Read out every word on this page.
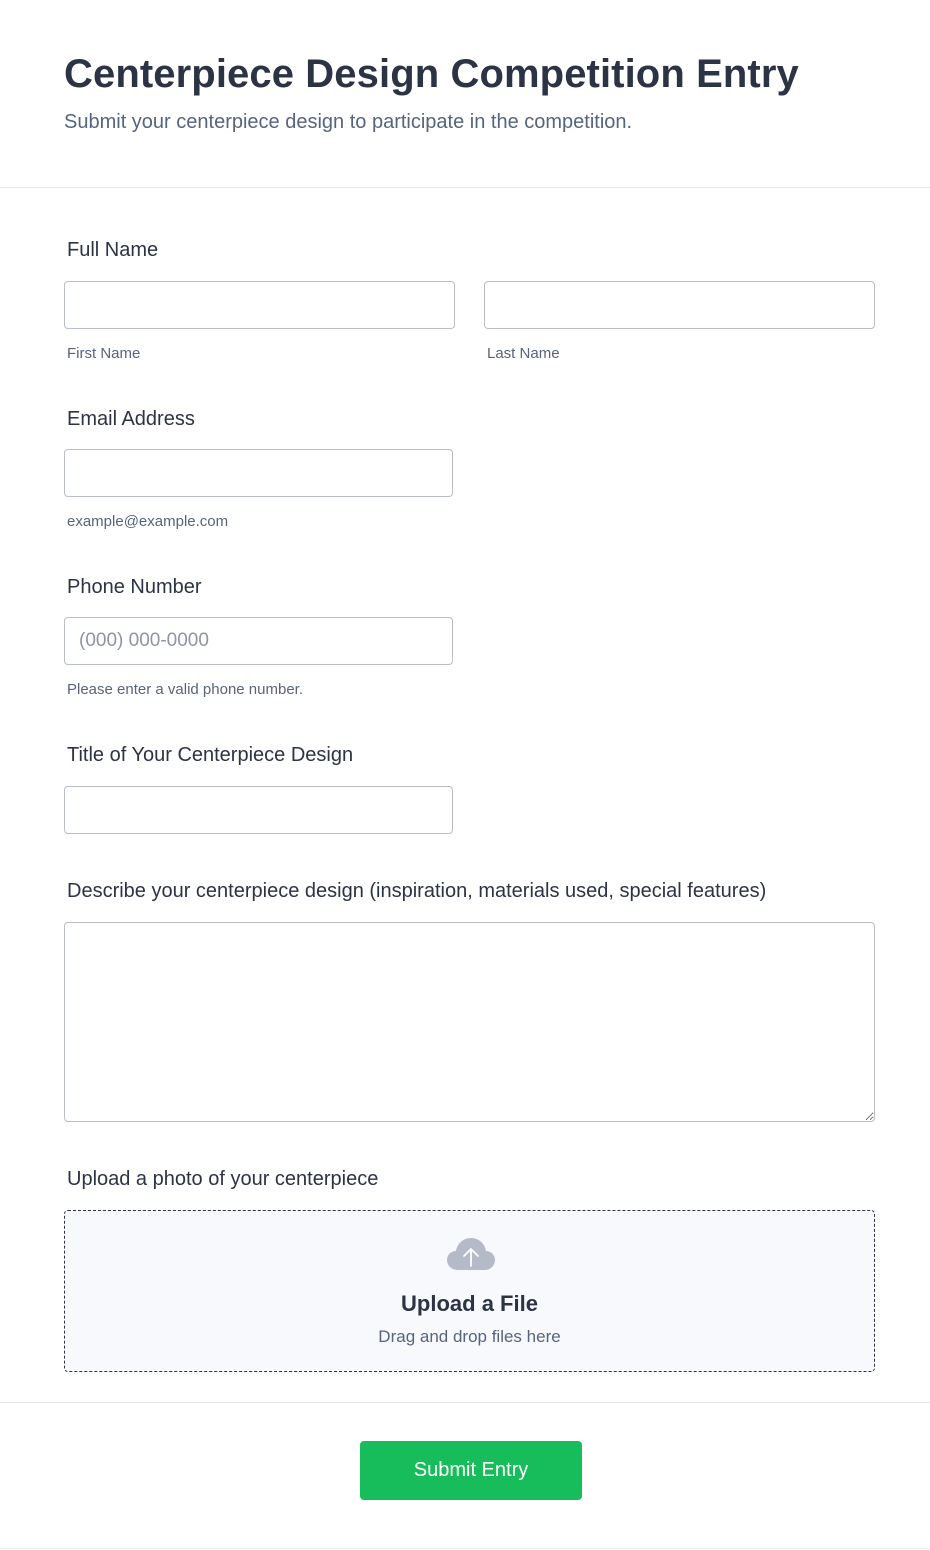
Centerpiece Design Competition Entry

Submit your centerpiece design to participate in the competition.

Full Name
First Name	Last Name
Email Address
example@example.com
Phone Number
(000) 000-0000
Please enter a valid phone number.
Title of Your Centerpiece Design
Describe your centerpiece design (inspiration, materials used, special features)
Upload a photo of your centerpiece
Upload a File
Drag and drop files here
Submit Entry
